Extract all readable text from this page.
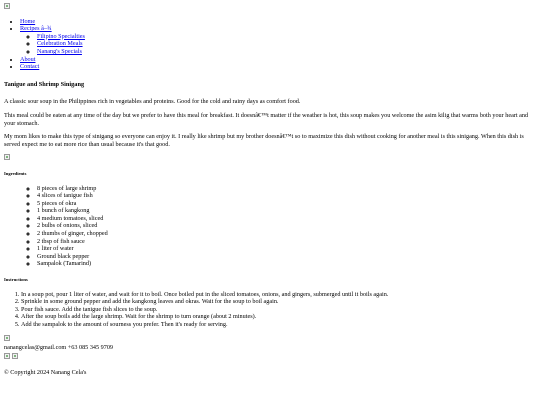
• Home
• Recipes â–¾
◦ Filipino Specialties
◦ Celebration Meals
◦ Nanang's Specials
• About
• Contact
Tanigue and Shrimp Sinigang

A classic sour soup in the Philippines rich in vegetables and proteins. Good for the cold and rainy days as comfort food.

This meal could be eaten at any time of the day but we prefer to have this meal for breakfast. It doesnâ€™t matter if the weather is hot, this soup makes you welcome the asim kilig that warms both your heart and your stomach.

My mom likes to make this type of sinigang so everyone can enjoy it. I really like shrimp but my brother doesnâ€™t so to maximize this dish without cooking for another meal is this sinigang. When this dish is served expect me to eat more rice than usual because it's that good.

Ingredients
◦ 8 pieces of large shrimp
◦ 4 slices of tanigue fish
◦ 5 pieces of okra
◦ 1 bunch of kangkong
◦ 4 medium tomatoes, sliced
◦ 2 bulbs of onions, sliced
◦ 2 thumbs of ginger, chopped
◦ 2 tbsp of fish sauce
◦ 1 liter of water
◦ Ground black pepper
◦ Sampalok (Tamarind)
Instructions
1. In a soup pot, pour 1 liter of water, and wait for it to boil. Once boiled put in the sliced tomatoes, onions, and gingers, submerged until it boils again.
2. Sprinkle in some ground pepper and add the kangkong leaves and okras. Wait for the soup to boil again.
3. Pour fish sauce. Add the tanigue fish slices to the soup.
4. After the soup boils add the large shrimp. Wait for the shrimp to turn orange (about 2 minutes).
5. Add the sampalok to the amount of sourness you prefer. Then it's ready for serving.
nanangcelas@gmail.com +63 085 345 9709
© Copyright 2024 Nanang Cela's
